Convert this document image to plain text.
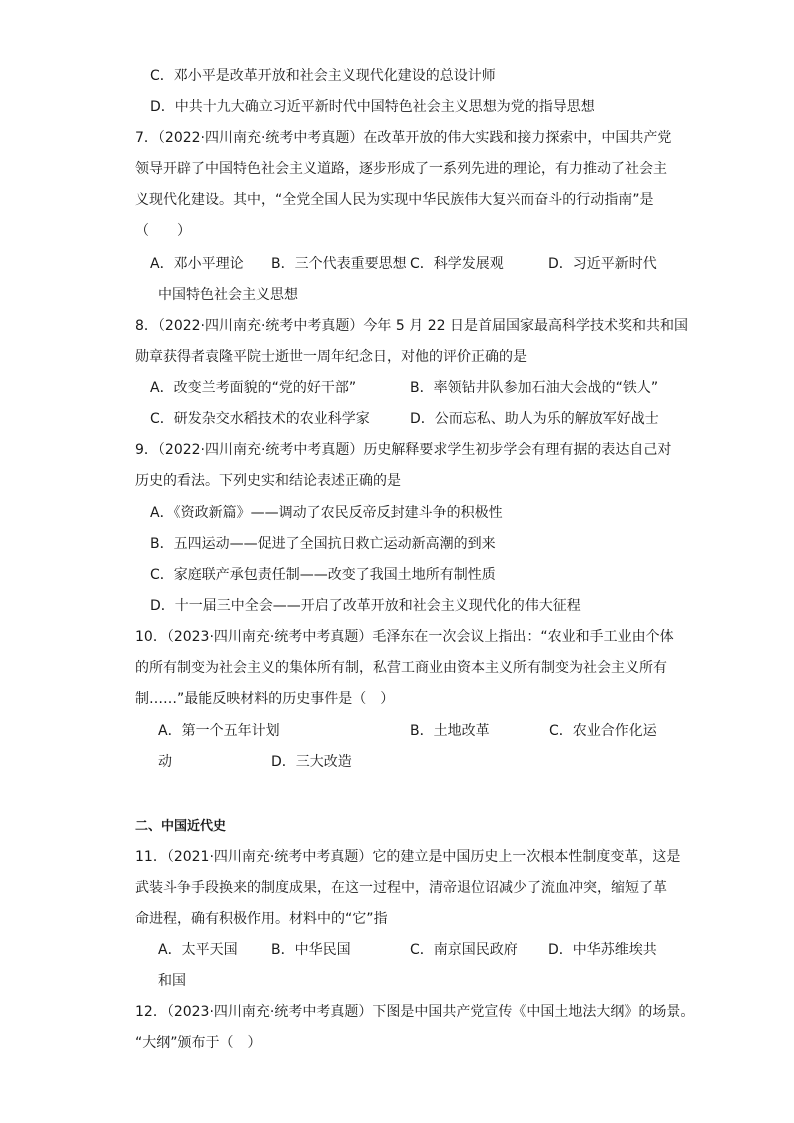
C．邓小平是改革开放和社会主义现代化建设的总设计师
D．中共十九大确立习近平新时代中国特色社会主义思想为党的指导思想
7．（2022·四川南充·统考中考真题）在改革开放的伟大实践和接力探索中，中国共产党
领导开辟了中国特色社会主义道路，逐步形成了一系列先进的理论，有力推动了社会主
义现代化建设。其中，“全党全国人民为实现中华民族伟大复兴而奋斗的行动指南”是
（　　）
A．邓小平理论 B．三个代表重要思想 C．科学发展观	D．习近平新时代
中国特色社会主义思想
8．（2022·四川南充·统考中考真题）今年 5 月 22 日是首届国家最高科学技术奖和共和国
勋章获得者袁隆平院士逝世一周年纪念日，对他的评价正确的是
A．改变兰考面貌的“党的好干部”	B．率领钻井队参加石油大会战的“铁人”
C．研发杂交水稻技术的农业科学家	D．公而忘私、助人为乐的解放军好战士
9．（2022·四川南充·统考中考真题）历史解释要求学生初步学会有理有据的表达自己对
历史的看法。下列史实和结论表述正确的是
A．《资政新篇》——调动了农民反帝反封建斗争的积极性
B．五四运动——促进了全国抗日救亡运动新高潮的到来
C．家庭联产承包责任制——改变了我国土地所有制性质
D．十一届三中全会——开启了改革开放和社会主义现代化的伟大征程
10．（2023·四川南充·统考中考真题）毛泽东在一次会议上指出：“农业和手工业由个体
的所有制变为社会主义的集体所有制，私营工商业由资本主义所有制变为社会主义所有
制……”最能反映材料的历史事件是（　）
A．第一个五年计划	B．土地改革	C．农业合作化运
动	D．三大改造
二、中国近代史
11．（2021·四川南充·统考中考真题）它的建立是中国历史上一次根本性制度变革，这是
武装斗争手段换来的制度成果，在这一过程中，清帝退位诏减少了流血冲突，缩短了革
命进程，确有积极作用。材料中的“它”指
A．太平天国 B．中华民国	C．南京国民政府 D．中华苏维埃共
和国
12．（2023·四川南充·统考中考真题）下图是中国共产党宣传《中国土地法大纲》的场景。
“大纲”颁布于（　）
